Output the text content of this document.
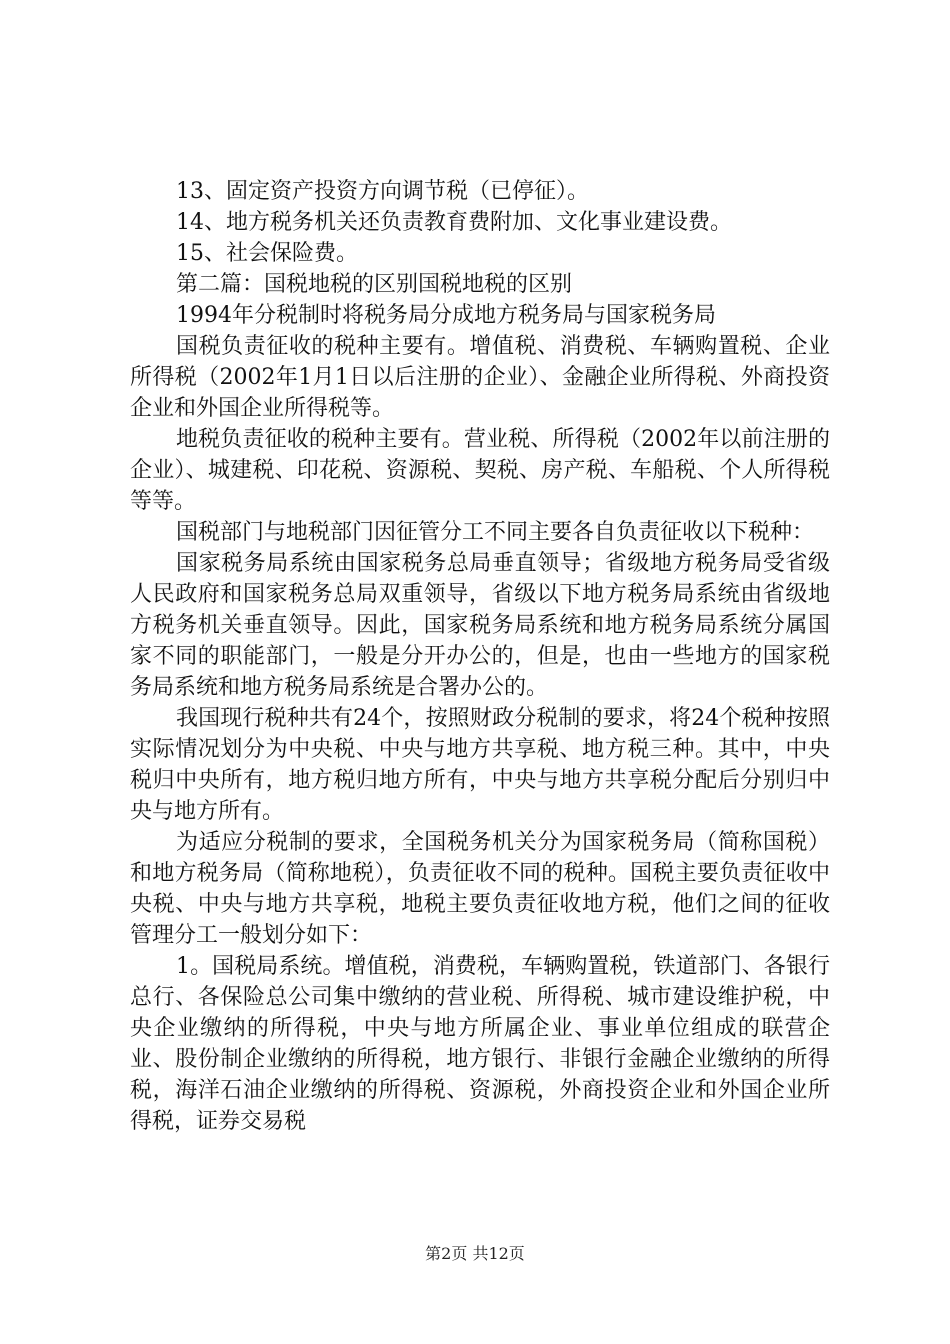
13、固定资产投资方向调节税（已停征）。

14、地方税务机关还负责教育费附加、文化事业建设费。

15、社会保险费。

第二篇：国税地税的区别国税地税的区别

1994年分税制时将税务局分成地方税务局与国家税务局

国税负责征收的税种主要有。增值税、消费税、车辆购置税、企业所得税（2002年1月1日以后注册的企业）、金融企业所得税、外商投资企业和外国企业所得税等。

地税负责征收的税种主要有。营业税、所得税（2002年以前注册的企业）、城建税、印花税、资源税、契税、房产税、车船税、个人所得税等等。

国税部门与地税部门因征管分工不同主要各自负责征收以下税种：

国家税务局系统由国家税务总局垂直领导；省级地方税务局受省级人民政府和国家税务总局双重领导，省级以下地方税务局系统由省级地方税务机关垂直领导。因此，国家税务局系统和地方税务局系统分属国家不同的职能部门，一般是分开办公的，但是，也由一些地方的国家税务局系统和地方税务局系统是合署办公的。

我国现行税种共有24个，按照财政分税制的要求，将24个税种按照实际情况划分为中央税、中央与地方共享税、地方税三种。其中，中央税归中央所有，地方税归地方所有，中央与地方共享税分配后分别归中央与地方所有。

为适应分税制的要求，全国税务机关分为国家税务局（简称国税）和地方税务局（简称地税），负责征收不同的税种。国税主要负责征收中央税、中央与地方共享税，地税主要负责征收地方税，他们之间的征收管理分工一般划分如下：

1。国税局系统。增值税，消费税，车辆购置税，铁道部门、各银行总行、各保险总公司集中缴纳的营业税、所得税、城市建设维护税，中央企业缴纳的所得税，中央与地方所属企业、事业单位组成的联营企业、股份制企业缴纳的所得税，地方银行、非银行金融企业缴纳的所得税，海洋石油企业缴纳的所得税、资源税，外商投资企业和外国企业所得税，证券交易税

第2页 共12页
